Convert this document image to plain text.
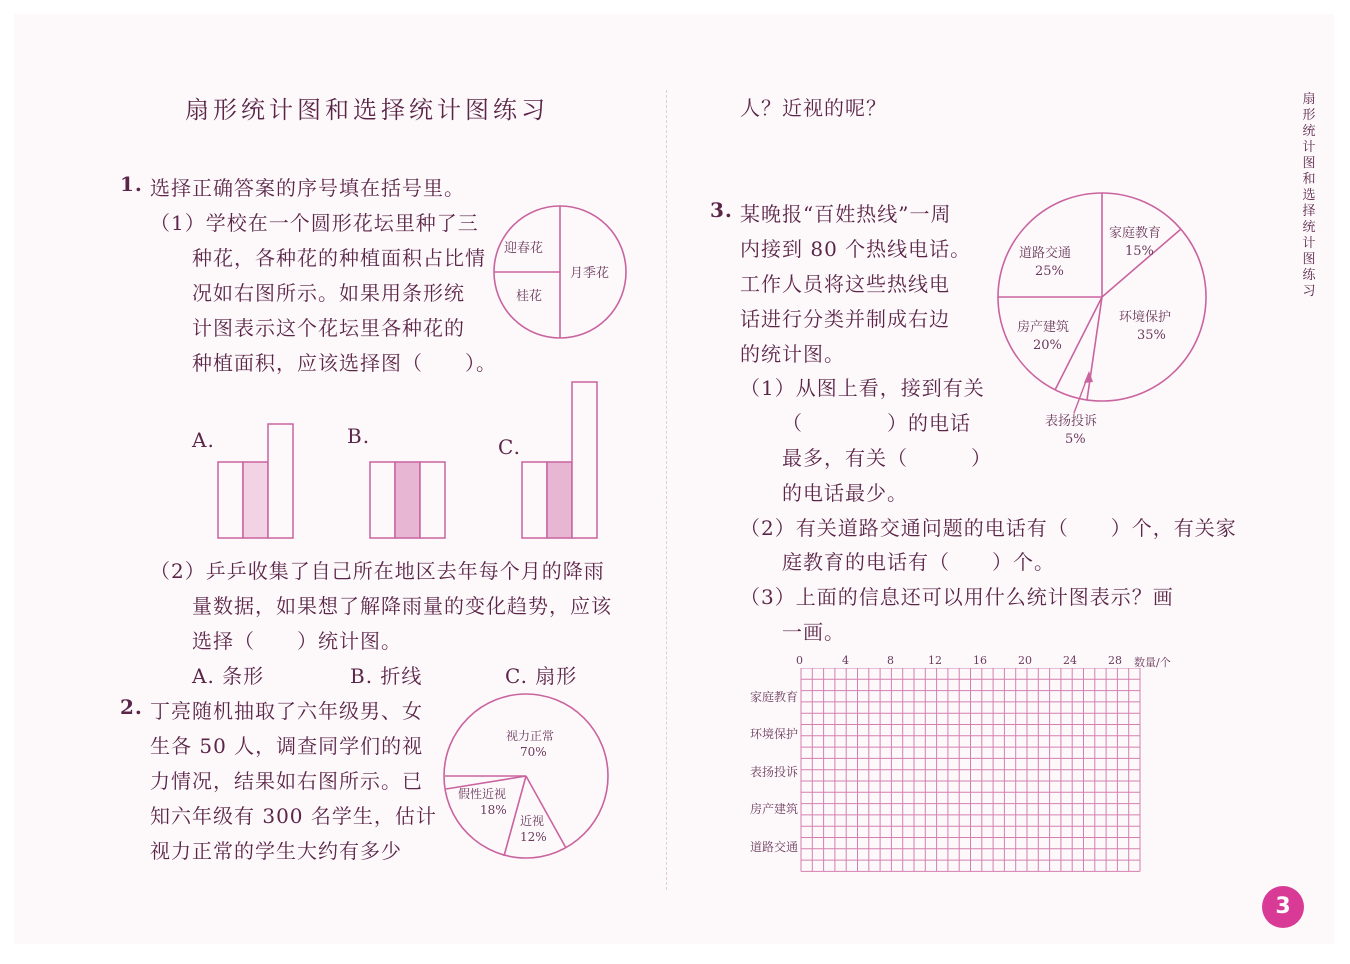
扇形统计图和选择统计图练习
1. 选择正确答案的序号填在括号里。
（1）学校在一个圆形花坛里种了三
种花，各种花的种植面积占比情
况如右图所示。如果用条形统
计图表示这个花坛里各种花的
种植面积，应该选择图（　　）。
迎春花
桂花
月季花
A.	B.	C.
（2）乒乒收集了自己所在地区去年每个月的降雨
量数据，如果想了解降雨量的变化趋势，应该
选择（　　）统计图。
A. 条形	B. 折线	C. 扇形
2. 丁亮随机抽取了六年级男、女
生各 50 人，调查同学们的视
力情况，结果如右图所示。已
知六年级有 300 名学生，估计
视力正常的学生大约有多少
视力正常
70%
假性近视
18%
近视
12%
人？近视的呢？
3. 某晚报“百姓热线”一周
内接到 80 个热线电话。
工作人员将这些热线电
话进行分类并制成右边
的统计图。
（1）从图上看，接到有关
（　　　　）的电话
最多，有关（　　　）
的电话最少。
（2）有关道路交通问题的电话有（　　）个，有关家
庭教育的电话有（　　）个。
（3）上面的信息还可以用什么统计图表示？画
一画。
家庭教育
15%
环境保护
35%
表扬投诉
5%
房产建筑
20%
道路交通
25%
0	4	8	12	16	20	24	28 数量/个
家庭教育
环境保护
表扬投诉
房产建筑
道路交通
扇形统计图和选择统计图练习
3
